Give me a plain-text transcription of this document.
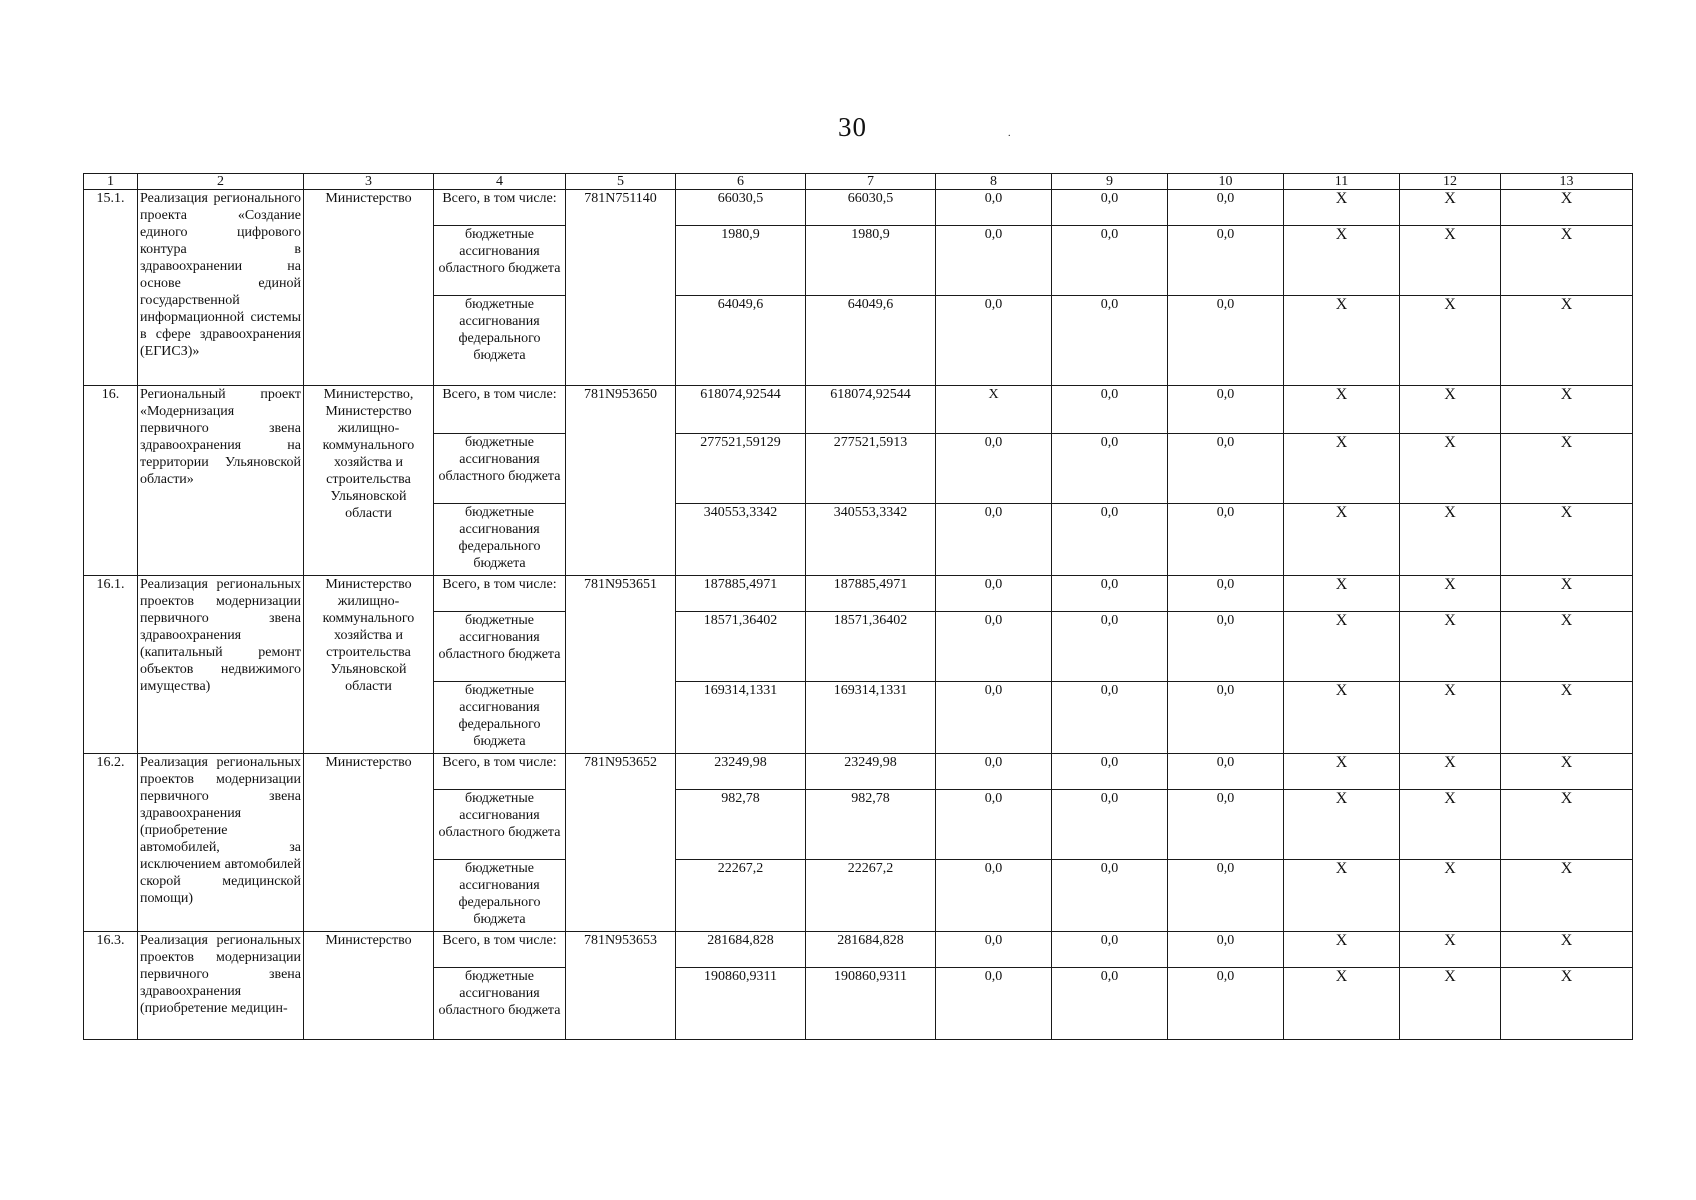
30	.
1	2	3	4	5	6	7	8	9	10	11	12	13
15.1.	Реализация регионального проекта «Создание единого цифрового контура в здравоохранении на основе единой государственной информационной системы в сфере здравоохранения (ЕГИСЗ)»	Министерство	Всего, в том числе:	781N751140	66030,5	66030,5	0,0	0,0	0,0	X	X	X
			бюджетные ассигнования областного бюджета		1980,9	1980,9	0,0	0,0	0,0	X	X	X
			бюджетные ассигнования федерального бюджета		64049,6	64049,6	0,0	0,0	0,0	X	X	X
16.	Региональный проект «Модернизация первичного звена здравоохранения на территории Ульяновской области»	Министерство, Министерство жилищно-коммунального хозяйства и строительства Ульяновской области	Всего, в том числе:	781N953650	618074,92544	618074,92544	X	0,0	0,0	X	X	X
			бюджетные ассигнования областного бюджета		277521,59129	277521,5913	0,0	0,0	0,0	X	X	X
			бюджетные ассигнования федерального бюджета		340553,3342	340553,3342	0,0	0,0	0,0	X	X	X
16.1.	Реализация региональных проектов модернизации первичного звена здравоохранения (капитальный ремонт объектов недвижимого имущества)	Министерство жилищно-коммунального хозяйства и строительства Ульяновской области	Всего, в том числе:	781N953651	187885,4971	187885,4971	0,0	0,0	0,0	X	X	X
			бюджетные ассигнования областного бюджета		18571,36402	18571,36402	0,0	0,0	0,0	X	X	X
			бюджетные ассигнования федерального бюджета		169314,1331	169314,1331	0,0	0,0	0,0	X	X	X
16.2.	Реализация региональных проектов модернизации первичного звена здравоохранения (приобретение автомобилей, за исключением автомобилей скорой медицинской помощи)	Министерство	Всего, в том числе:	781N953652	23249,98	23249,98	0,0	0,0	0,0	X	X	X
			бюджетные ассигнования областного бюджета		982,78	982,78	0,0	0,0	0,0	X	X	X
			бюджетные ассигнования федерального бюджета		22267,2	22267,2	0,0	0,0	0,0	X	X	X
16.3.	Реализация региональных проектов модернизации первичного звена здравоохранения (приобретение медицин-	Министерство	Всего, в том числе:	781N953653	281684,828	281684,828	0,0	0,0	0,0	X	X	X
			бюджетные ассигнования областного бюджета		190860,9311	190860,9311	0,0	0,0	0,0	X	X	X
